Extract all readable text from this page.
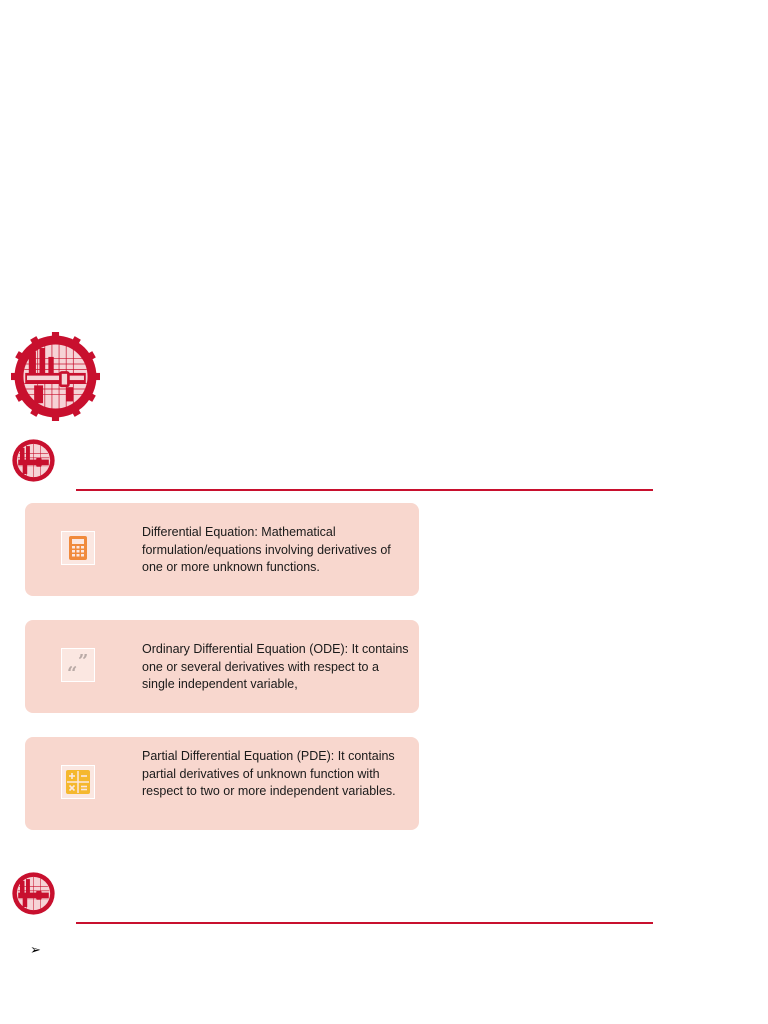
Differential Equation: Mathematical formulation/equations involving derivatives of one or more unknown functions.
”
“
Ordinary Differential Equation (ODE): It contains one or several derivatives with respect to a single independent variable,
Partial Differential Equation (PDE): It contains partial derivatives of unknown function with respect to two or more independent variables.
➢
